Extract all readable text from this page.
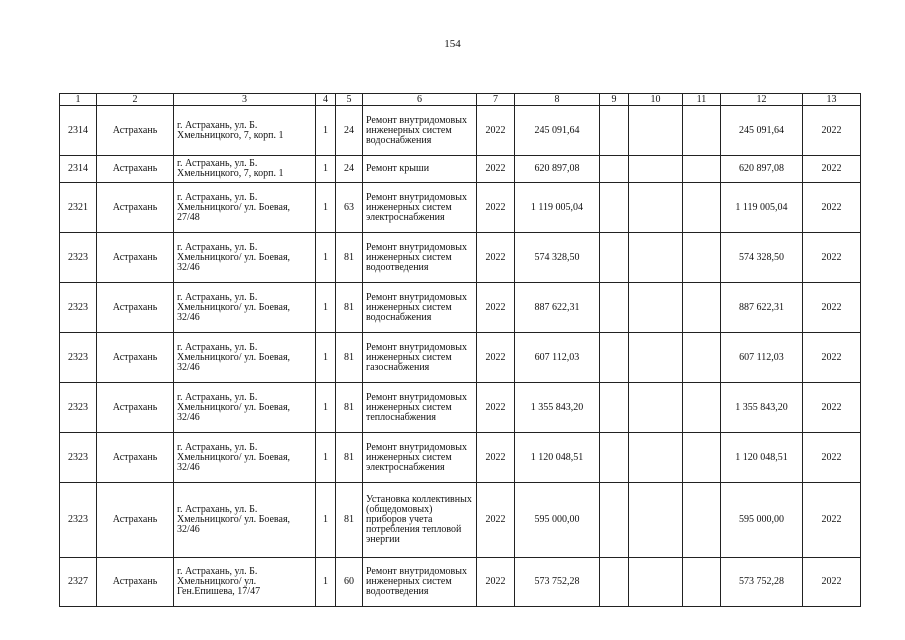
154
1	2	3	4	5	6	7	8	9	10	11	12	13
2314	Астрахань	г. Астрахань, ул. Б. Хмельницкого, 7, корп. 1	1	24	Ремонт внутридомовых инженерных систем водоснабжения	2022	245 091,64				245 091,64	2022
2314	Астрахань	г. Астрахань, ул. Б. Хмельницкого, 7, корп. 1	1	24	Ремонт крыши	2022	620 897,08				620 897,08	2022
2321	Астрахань	г. Астрахань, ул. Б. Хмельницкого/ ул. Боевая, 27/48	1	63	Ремонт внутридомовых инженерных систем электроснабжения	2022	1 119 005,04				1 119 005,04	2022
2323	Астрахань	г. Астрахань, ул. Б. Хмельницкого/ ул. Боевая, 32/46	1	81	Ремонт внутридомовых инженерных систем водоотведения	2022	574 328,50				574 328,50	2022
2323	Астрахань	г. Астрахань, ул. Б. Хмельницкого/ ул. Боевая, 32/46	1	81	Ремонт внутридомовых инженерных систем водоснабжения	2022	887 622,31				887 622,31	2022
2323	Астрахань	г. Астрахань, ул. Б. Хмельницкого/ ул. Боевая, 32/46	1	81	Ремонт внутридомовых инженерных систем газоснабжения	2022	607 112,03				607 112,03	2022
2323	Астрахань	г. Астрахань, ул. Б. Хмельницкого/ ул. Боевая, 32/46	1	81	Ремонт внутридомовых инженерных систем теплоснабжения	2022	1 355 843,20				1 355 843,20	2022
2323	Астрахань	г. Астрахань, ул. Б. Хмельницкого/ ул. Боевая, 32/46	1	81	Ремонт внутридомовых инженерных систем электроснабжения	2022	1 120 048,51				1 120 048,51	2022
2323	Астрахань	г. Астрахань, ул. Б. Хмельницкого/ ул. Боевая, 32/46	1	81	Установка коллективных (общедомовых) приборов учета потребления тепловой энергии	2022	595 000,00				595 000,00	2022
2327	Астрахань	г. Астрахань, ул. Б. Хмельницкого/ ул. Ген.Епишева, 17/47	1	60	Ремонт внутридомовых инженерных систем водоотведения	2022	573 752,28				573 752,28	2022
